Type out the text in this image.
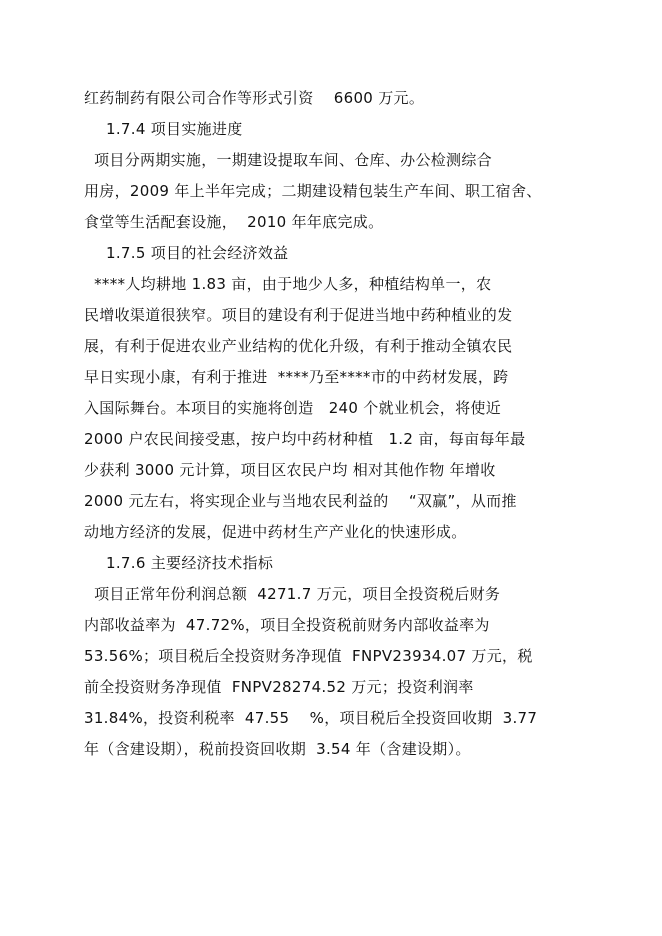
红药制药有限公司合作等形式引资    6600 万元。
1.7.4 项目实施进度
项目分两期实施，一期建设提取车间、仓库、办公检测综合
用房，2009 年上半年完成；二期建设精包装生产车间、职工宿舍、
食堂等生活配套设施，  2010 年年底完成。
1.7.5 项目的社会经济效益
****人均耕地 1.83 亩，由于地少人多，种植结构单一，农
民增收渠道很狭窄。项目的建设有利于促进当地中药种植业的发
展，有利于促进农业产业结构的优化升级，有利于推动全镇农民
早日实现小康，有利于推进  ****乃至****市的中药材发展，跨
入国际舞台。本项目的实施将创造   240 个就业机会，将使近
2000 户农民间接受惠，按户均中药材种植   1.2 亩，每亩每年最
少获利 3000 元计算，项目区农民户均 相对其他作物 年增收
2000 元左右，将实现企业与当地农民利益的    “双赢”，从而推
动地方经济的发展，促进中药材生产产业化的快速形成。
1.7.6 主要经济技术指标
项目正常年份利润总额  4271.7 万元，项目全投资税后财务
内部收益率为  47.72%，项目全投资税前财务内部收益率为
53.56%；项目税后全投资财务净现值  FNPV23934.07 万元，税
前全投资财务净现值  FNPV28274.52 万元；投资利润率
31.84%，投资利税率  47.55    %，项目税后全投资回收期  3.77
年（含建设期），税前投资回收期  3.54 年（含建设期）。
